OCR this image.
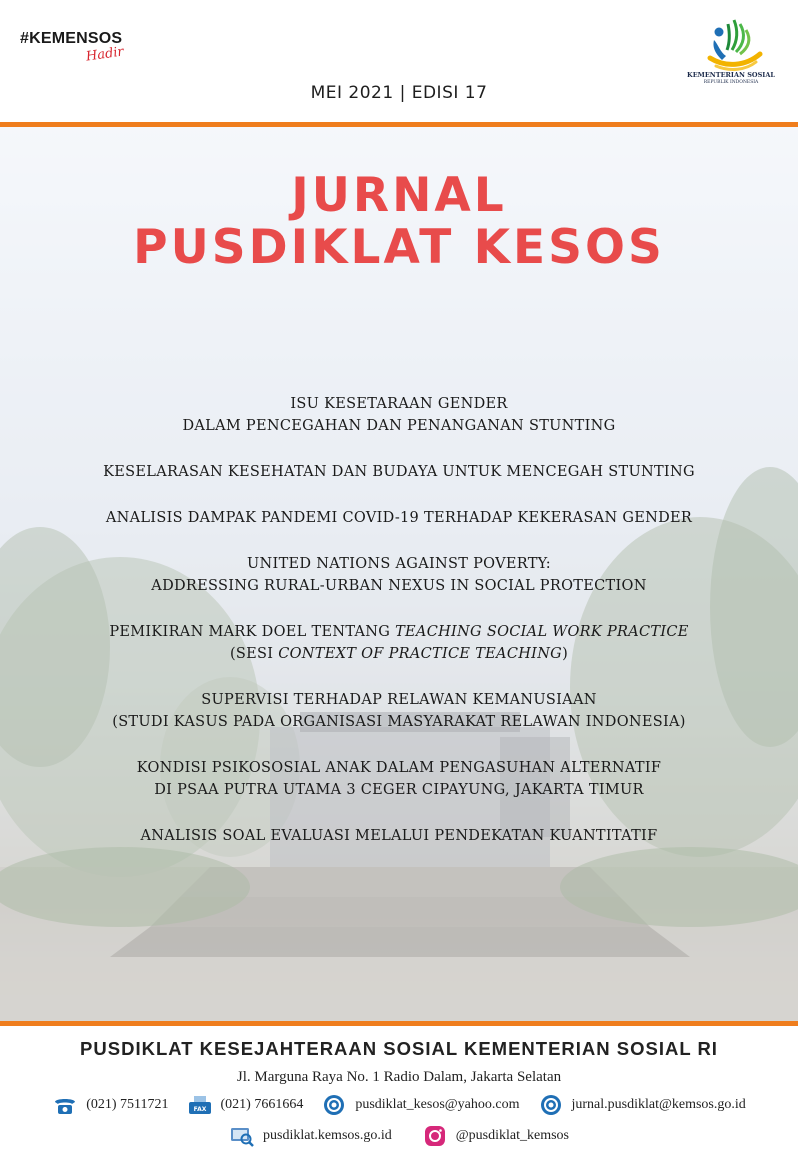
#KEMENSOS
Hadir
MEI 2021 | EDISI 17
KEMENTERIAN SOSIAL
REPUBLIK INDONESIA
JURNAL
PUSDIKLAT KESOS
ISU KESETARAAN GENDER
DALAM PENCEGAHAN DAN PENANGANAN STUNTING
KESELARASAN KESEHATAN DAN BUDAYA UNTUK MENCEGAH STUNTING
ANALISIS DAMPAK PANDEMI COVID-19 TERHADAP KEKERASAN GENDER
UNITED NATIONS AGAINST POVERTY:
ADDRESSING RURAL-URBAN NEXUS IN SOCIAL PROTECTION
PEMIKIRAN MARK DOEL TENTANG TEACHING SOCIAL WORK PRACTICE
(SESI CONTEXT OF PRACTICE TEACHING)
SUPERVISI TERHADAP RELAWAN KEMANUSIAAN
(STUDI KASUS PADA ORGANISASI MASYARAKAT RELAWAN INDONESIA)
KONDISI PSIKOSOSIAL ANAK DALAM PENGASUHAN ALTERNATIF
DI PSAA PUTRA UTAMA 3 CEGER CIPAYUNG, JAKARTA TIMUR
ANALISIS SOAL EVALUASI MELALUI PENDEKATAN KUANTITATIF
PUSDIKLAT KESEJAHTERAAN SOSIAL KEMENTERIAN SOSIAL RI
Jl. Marguna Raya No. 1 Radio Dalam, Jakarta Selatan
(021) 7511721	FAX (021) 7661664	pusdiklat_kesos@yahoo.com	jurnal.pusdiklat@kemsos.go.id
pusdiklat.kemsos.go.id	@pusdiklat_kemsos
